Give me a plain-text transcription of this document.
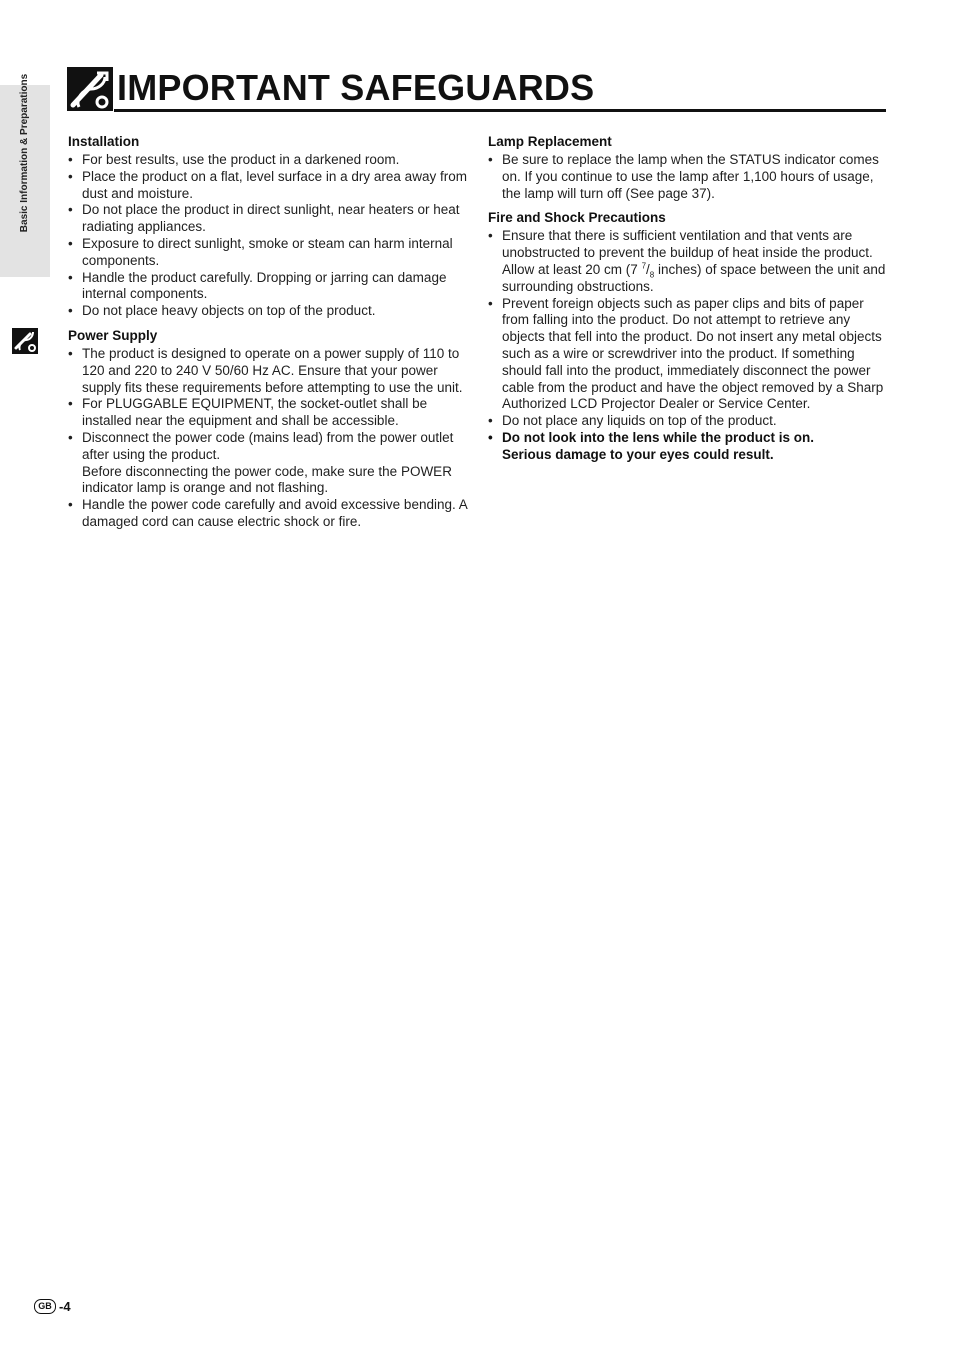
Basic Information & Preparations IMPORTANT SAFEGUARDS
Installation
• For best results, use the product in a darkened room.
• Place the product on a flat, level surface in a dry area away from dust and moisture.
• Do not place the product in direct sunlight, near heaters or heat radiating appliances.
• Exposure to direct sunlight, smoke or steam can harm internal components.
• Handle the product carefully. Dropping or jarring can damage internal components.
• Do not place heavy objects on top of the product.
Power Supply
• The product is designed to operate on a power supply of 110 to 120 and 220 to 240 V 50/60 Hz AC. Ensure that your power supply fits these requirements before attempting to use the unit.
• For PLUGGABLE EQUIPMENT, the socket-outlet shall be installed near the equipment and shall be accessible.
• Disconnect the power code (mains lead) from the power outlet after using the product.
Before disconnecting the power code, make sure the POWER indicator lamp is orange and not flashing.
• Handle the power code carefully and avoid excessive bending. A damaged cord can cause electric shock or fire.
Lamp Replacement
• Be sure to replace the lamp when the STATUS indicator comes on. If you continue to use the lamp after 1,100 hours of usage, the lamp will turn off (See page 37).
Fire and Shock Precautions
• Ensure that there is sufficient ventilation and that vents are unobstructed to prevent the buildup of heat inside the product. Allow at least 20 cm (7 $^7/_8$ inches) of space between the unit and surrounding obstructions.
• Prevent foreign objects such as paper clips and bits of paper from falling into the product. Do not attempt to retrieve any objects that fell into the product. Do not insert any metal objects such as a wire or screwdriver into the product. If something should fall into the product, immediately disconnect the power cable from the product and have the object removed by a Sharp Authorized LCD Projector Dealer or Service Center.
• Do not place any liquids on top of the product.
• Do not look into the lens while the product is on.
Serious damage to your eyes could result.
GB -4
